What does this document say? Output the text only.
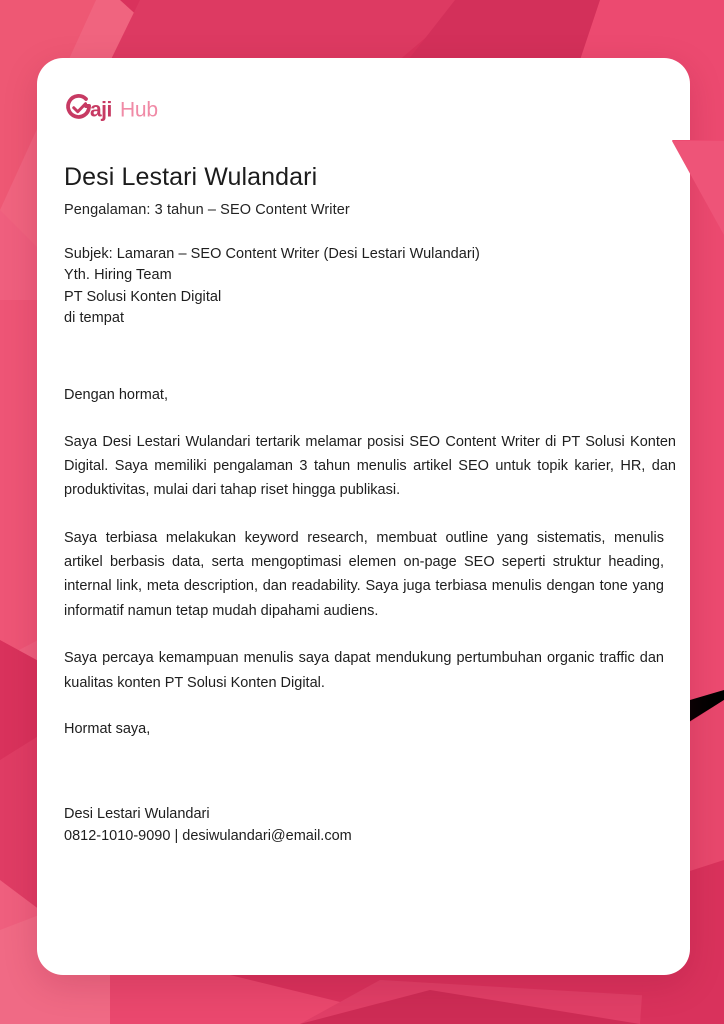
aji Hub
Desi Lestari Wulandari
Pengalaman: 3 tahun – SEO Content Writer
Subjek: Lamaran – SEO Content Writer (Desi Lestari Wulandari)
Yth. Hiring Team
PT Solusi Konten Digital
di tempat
Dengan hormat,

Saya Desi Lestari Wulandari tertarik melamar posisi SEO Content Writer di PT Solusi Konten Digital. Saya memiliki pengalaman 3 tahun menulis artikel SEO untuk topik karier, HR, dan produktivitas, mulai dari tahap riset hingga publikasi.

Saya terbiasa melakukan keyword research, membuat outline yang sistematis, menulis artikel berbasis data, serta mengoptimasi elemen on-page SEO seperti struktur heading, internal link, meta description, dan readability. Saya juga terbiasa menulis dengan tone yang informatif namun tetap mudah dipahami audiens.

Saya percaya kemampuan menulis saya dapat mendukung pertumbuhan organic traffic dan kualitas konten PT Solusi Konten Digital.

Hormat saya,
Desi Lestari Wulandari
0812-1010-9090 | desiwulandari@email.com
